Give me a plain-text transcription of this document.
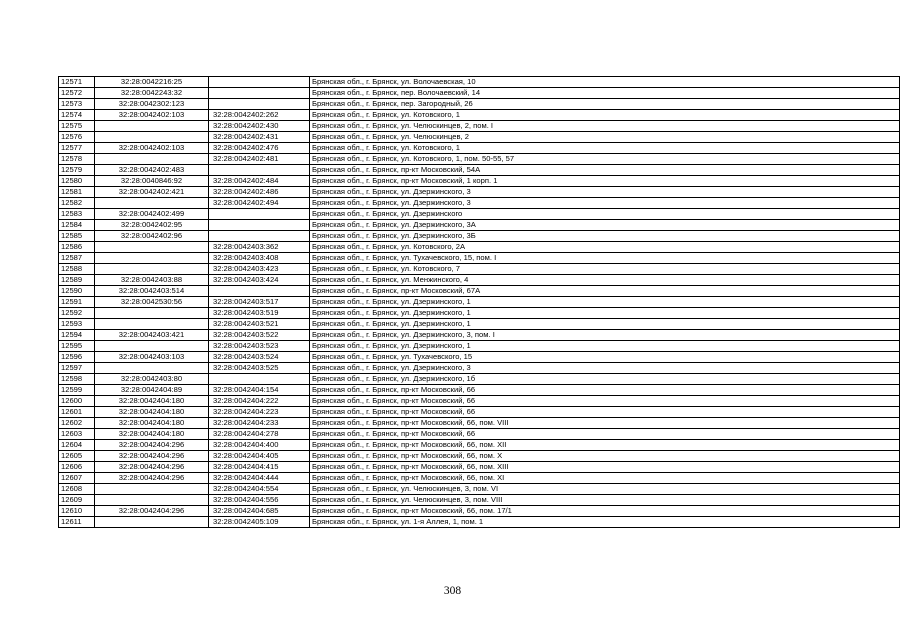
12571	32:28:0042216:25		Брянская обл., г. Брянск, ул. Волочаевская, 10
12572	32:28:0042243:32		Брянская обл., г. Брянск, пер. Волочаевский, 14
12573	32:28:0042302:123		Брянская обл., г. Брянск, пер. Загородный, 26
12574	32:28:0042402:103	32:28:0042402:262	Брянская обл., г. Брянск, ул. Котовского, 1
12575		32:28:0042402:430	Брянская обл., г. Брянск, ул. Челюскинцев, 2, пом. I
12576		32:28:0042402:431	Брянская обл., г. Брянск, ул. Челюскинцев, 2
12577	32:28:0042402:103	32:28:0042402:476	Брянская обл., г. Брянск, ул. Котовского, 1
12578		32:28:0042402:481	Брянская обл., г. Брянск, ул. Котовского, 1, пом. 50-55, 57
12579	32:28:0042402:483		Брянская обл., г. Брянск, пр-кт Московский, 54А
12580	32:28:0040846:92	32:28:0042402:484	Брянская обл., г. Брянск, пр-кт Московский, 1 корп. 1
12581	32:28:0042402:421	32:28:0042402:486	Брянская обл., г. Брянск, ул. Дзержинского, 3
12582		32:28:0042402:494	Брянская обл., г. Брянск, ул. Дзержинского, 3
12583	32:28:0042402:499		Брянская обл., г. Брянск, ул. Дзержинского
12584	32:28:0042402:95		Брянская обл., г. Брянск, ул. Дзержинского, 3А
12585	32:28:0042402:96		Брянская обл., г. Брянск, ул. Дзержинского, 3Б
12586		32:28:0042403:362	Брянская обл., г. Брянск, ул. Котовского, 2А
12587		32:28:0042403:408	Брянская обл., г. Брянск, ул. Тухачевского, 15, пом. I
12588		32:28:0042403:423	Брянская обл., г. Брянск, ул. Котовского, 7
12589	32:28:0042403:88	32:28:0042403:424	Брянская обл., г. Брянск, ул. Менжинского, 4
12590	32:28:0042403:514		Брянская обл., г. Брянск, пр-кт Московский, 67А
12591	32:28:0042530:56	32:28:0042403:517	Брянская обл., г. Брянск, ул. Дзержинского, 1
12592		32:28:0042403:519	Брянская обл., г. Брянск, ул. Дзержинского, 1
12593		32:28:0042403:521	Брянская обл., г. Брянск, ул. Дзержинского, 1
12594	32:28:0042403:421	32:28:0042403:522	Брянская обл., г. Брянск, ул. Дзержинского, 3, пом. I
12595		32:28:0042403:523	Брянская обл., г. Брянск, ул. Дзержинского, 1
12596	32:28:0042403:103	32:28:0042403:524	Брянская обл., г. Брянск, ул. Тухачевского, 15
12597		32:28:0042403:525	Брянская обл., г. Брянск, ул. Дзержинского, 3
12598	32:28:0042403:80		Брянская обл., г. Брянск, ул. Дзержинского, 1б
12599	32:28:0042404:89	32:28:0042404:154	Брянская обл., г. Брянск, пр-кт Московский, 66
12600	32:28:0042404:180	32:28:0042404:222	Брянская обл., г. Брянск, пр-кт Московский, 66
12601	32:28:0042404:180	32:28:0042404:223	Брянская обл., г. Брянск, пр-кт Московский, 66
12602	32:28:0042404:180	32:28:0042404:233	Брянская обл., г. Брянск, пр-кт Московский, 66, пом. VIII
12603	32:28:0042404:180	32:28:0042404:278	Брянская обл., г. Брянск, пр-кт Московский, 66
12604	32:28:0042404:296	32:28:0042404:400	Брянская обл., г. Брянск, пр-кт Московский, 66, пом. XII
12605	32:28:0042404:296	32:28:0042404:405	Брянская обл., г. Брянск, пр-кт Московский, 66, пом. X
12606	32:28:0042404:296	32:28:0042404:415	Брянская обл., г. Брянск, пр-кт Московский, 66, пом. XIII
12607	32:28:0042404:296	32:28:0042404:444	Брянская обл., г. Брянск, пр-кт Московский, 66, пом. XI
12608		32:28:0042404:554	Брянская обл., г. Брянск, ул. Челюскинцев, 3, пом. VI
12609		32:28:0042404:556	Брянская обл., г. Брянск, ул. Челюскинцев, 3, пом. VIII
12610	32:28:0042404:296	32:28:0042404:685	Брянская обл., г. Брянск, пр-кт Московский, 66, пом. 17/1
12611		32:28:0042405:109	Брянская обл., г. Брянск, ул. 1-я Аллея, 1, пом. 1
308
